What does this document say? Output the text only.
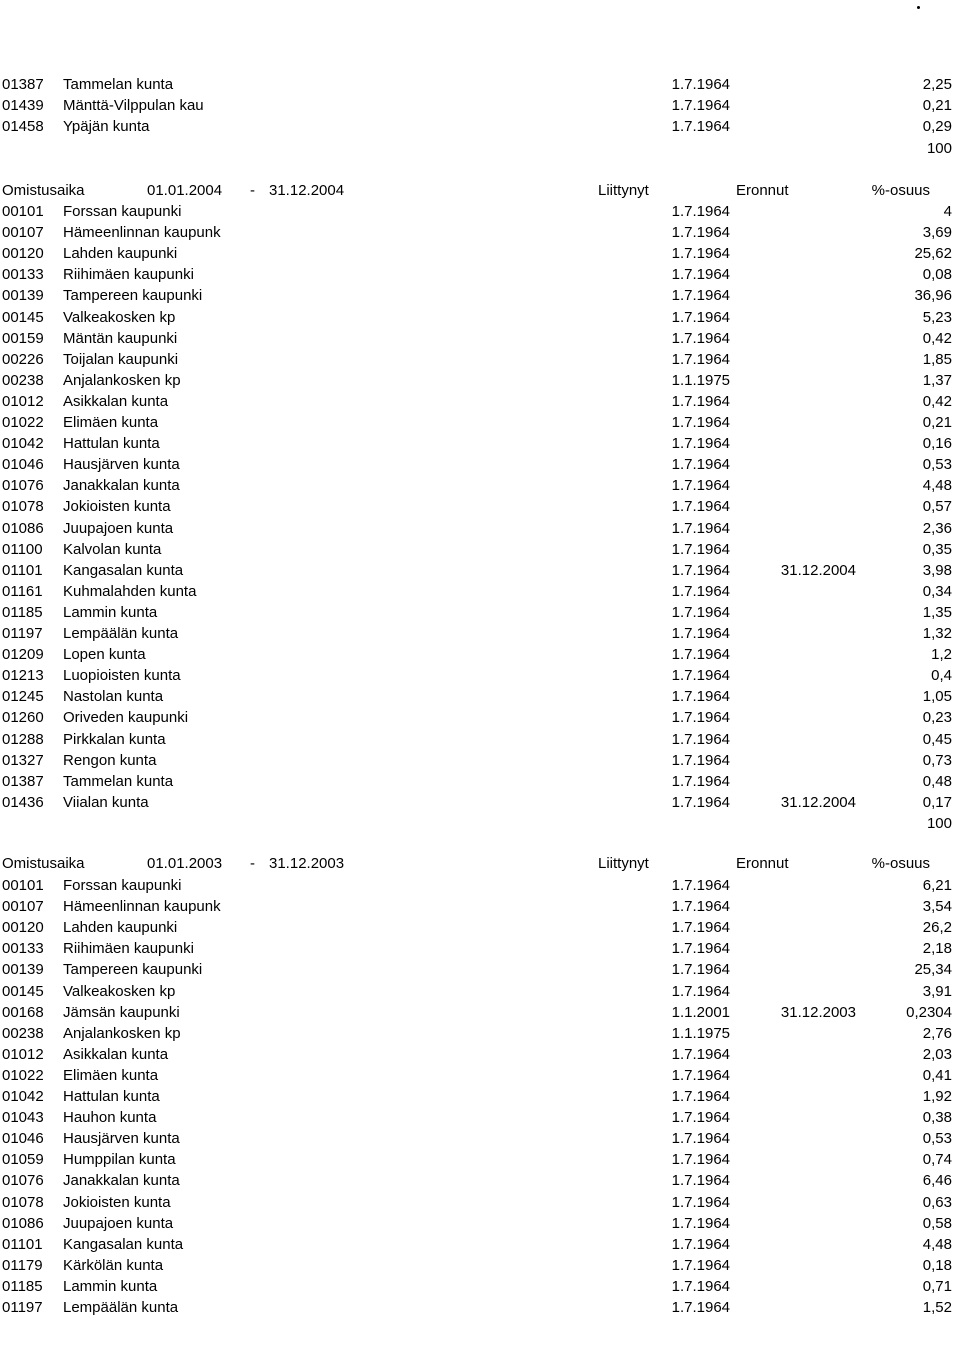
01387 Tammelan kunta	1.7.1964	2,25
01439 Mänttä-Vilppulan kau	1.7.1964	0,21
01458 Ypäjän kunta	1.7.1964	0,29
100
Omistusaika	01.01.2004 - 31.12.2004	Liittynyt	Eronnut	%-osuus
00101 Forssan kaupunki	1.7.1964	4
00107 Hämeenlinnan kaupunk	1.7.1964	3,69
00120 Lahden kaupunki	1.7.1964	25,62
00133 Riihimäen kaupunki	1.7.1964	0,08
00139 Tampereen kaupunki	1.7.1964	36,96
00145 Valkeakosken kp	1.7.1964	5,23
00159 Mäntän kaupunki	1.7.1964	0,42
00226 Toijalan kaupunki	1.7.1964	1,85
00238 Anjalankosken kp	1.1.1975	1,37
01012 Asikkalan kunta	1.7.1964	0,42
01022 Elimäen kunta	1.7.1964	0,21
01042 Hattulan kunta	1.7.1964	0,16
01046 Hausjärven kunta	1.7.1964	0,53
01076 Janakkalan kunta	1.7.1964	4,48
01078 Jokioisten kunta	1.7.1964	0,57
01086 Juupajoen kunta	1.7.1964	2,36
01100 Kalvolan kunta	1.7.1964	0,35
01101 Kangasalan kunta	1.7.1964	31.12.2004	3,98
01161 Kuhmalahden kunta	1.7.1964	0,34
01185 Lammin kunta	1.7.1964	1,35
01197 Lempäälän kunta	1.7.1964	1,32
01209 Lopen kunta	1.7.1964	1,2
01213 Luopioisten kunta	1.7.1964	0,4
01245 Nastolan kunta	1.7.1964	1,05
01260 Oriveden kaupunki	1.7.1964	0,23
01288 Pirkkalan kunta	1.7.1964	0,45
01327 Rengon kunta	1.7.1964	0,73
01387 Tammelan kunta	1.7.1964	0,48
01436 Viialan kunta	1.7.1964	31.12.2004	0,17
100
Omistusaika	01.01.2003 - 31.12.2003	Liittynyt	Eronnut	%-osuus
00101 Forssan kaupunki	1.7.1964	6,21
00107 Hämeenlinnan kaupunk	1.7.1964	3,54
00120 Lahden kaupunki	1.7.1964	26,2
00133 Riihimäen kaupunki	1.7.1964	2,18
00139 Tampereen kaupunki	1.7.1964	25,34
00145 Valkeakosken kp	1.7.1964	3,91
00168 Jämsän kaupunki	1.1.2001	31.12.2003	0,2304
00238 Anjalankosken kp	1.1.1975	2,76
01012 Asikkalan kunta	1.7.1964	2,03
01022 Elimäen kunta	1.7.1964	0,41
01042 Hattulan kunta	1.7.1964	1,92
01043 Hauhon kunta	1.7.1964	0,38
01046 Hausjärven kunta	1.7.1964	0,53
01059 Humppilan kunta	1.7.1964	0,74
01076 Janakkalan kunta	1.7.1964	6,46
01078 Jokioisten kunta	1.7.1964	0,63
01086 Juupajoen kunta	1.7.1964	0,58
01101 Kangasalan kunta	1.7.1964	4,48
01179 Kärkölän kunta	1.7.1964	0,18
01185 Lammin kunta	1.7.1964	0,71
01197 Lempäälän kunta	1.7.1964	1,52
